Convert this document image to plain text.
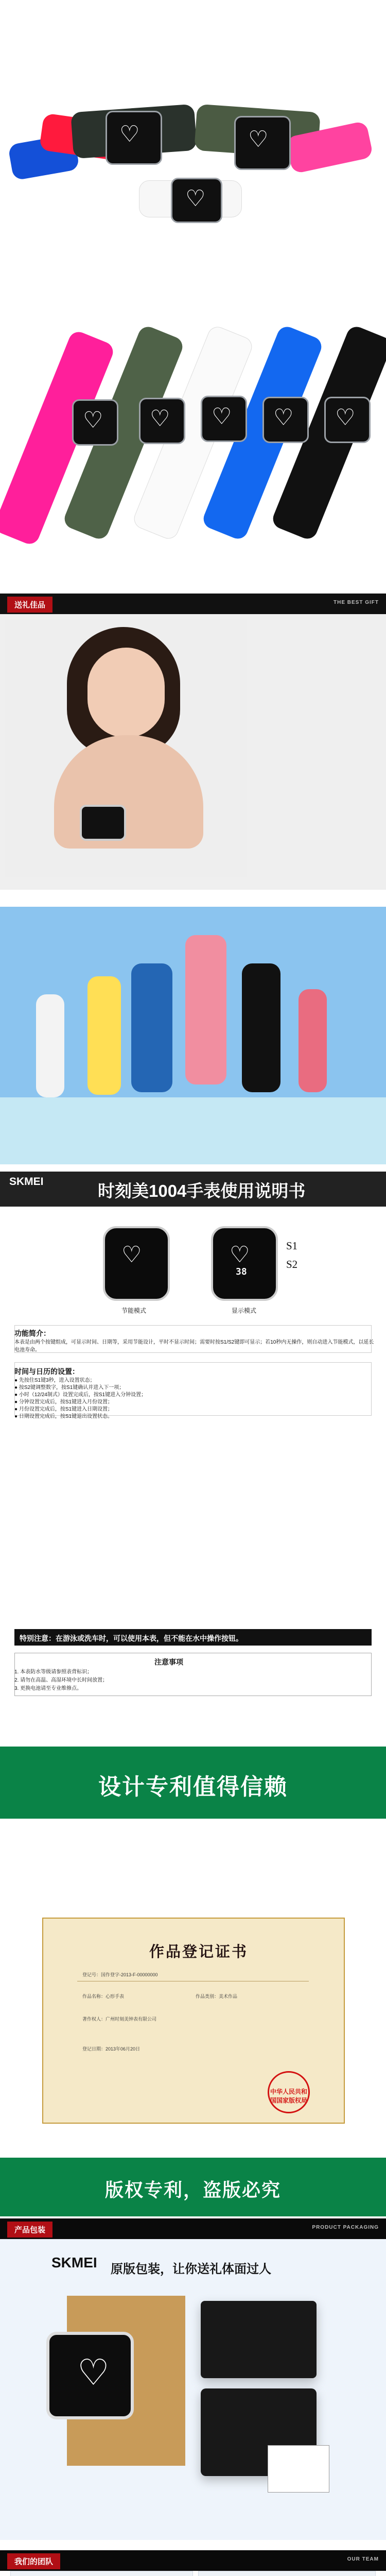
♡	♡
♡
♡ ♡ ♡ ♡ ♡
送礼佳品	THE BEST GIFT
SKMEI	时刻美1004手表使用说明书
♡	♡
38
节能模式	显示模式
S1
S2
功能简介：
本表是由两个按键组成，可显示时间、日期等，采用节能设计，平时不显示时间；需要时按S1/S2键即可显示；若10秒内无操作，则自动进入节能模式，以延长电池寿命。
时间与日历的设置：
● 先按住S1键3秒，进入设置状态；
● 按S2键调整数字，按S1键确认并进入下一项；
● 小时（12/24制式）设置完成后，按S1键进入分钟设置；
● 分钟设置完成后，按S1键进入月份设置；
● 月份设置完成后，按S1键进入日期设置；
● 日期设置完成后，按S1键退出设置状态。
特别注意：在游泳或洗车时，可以使用本表，但不能在水中操作按钮。
注意事项
1. 本表防水等级请参照表背标识；
2. 请勿在高温、高湿环境中长时间放置；
3. 更换电池请至专业维修点。
设计专利值得信赖
作品登记证书
登记号：国作登字-2013-F-00000000
作品名称：心形手表	作品类别：美术作品
著作权人：广州时刻美钟表有限公司
登记日期：2013年06月20日
中华人民共和国国家版权局
版权专利，盗版必究
产品包装	PRODUCT PACKAGING
SKMEI 原版包装，让你送礼体面过人
♡
我们的团队	OUR TEAM
